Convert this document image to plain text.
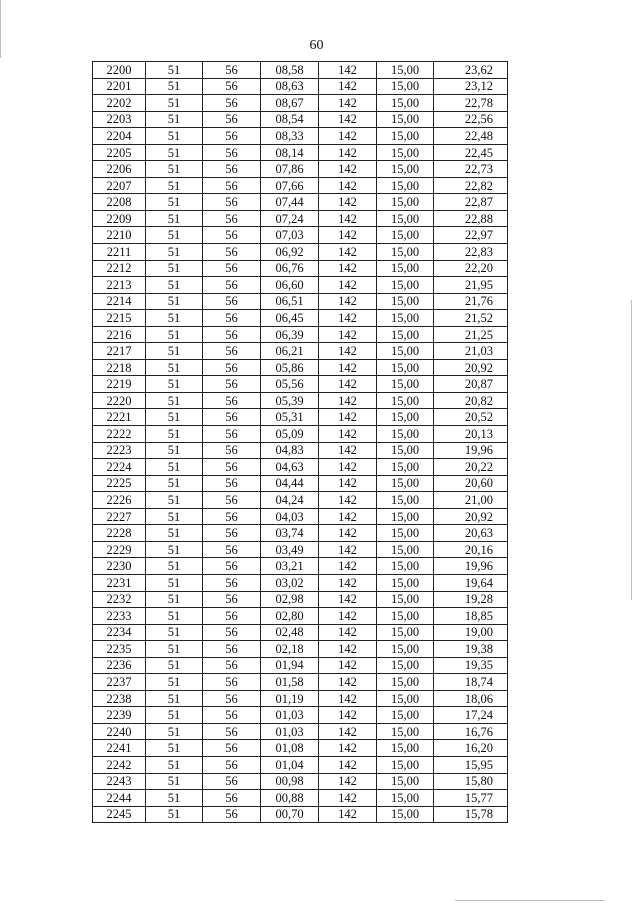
60
2200	51	56	08,58	142	15,00	23,62
2201	51	56	08,63	142	15,00	23,12
2202	51	56	08,67	142	15,00	22,78
2203	51	56	08,54	142	15,00	22,56
2204	51	56	08,33	142	15,00	22,48
2205	51	56	08,14	142	15,00	22,45
2206	51	56	07,86	142	15,00	22,73
2207	51	56	07,66	142	15,00	22,82
2208	51	56	07,44	142	15,00	22,87
2209	51	56	07,24	142	15,00	22,88
2210	51	56	07,03	142	15,00	22,97
2211	51	56	06,92	142	15,00	22,83
2212	51	56	06,76	142	15,00	22,20
2213	51	56	06,60	142	15,00	21,95
2214	51	56	06,51	142	15,00	21,76
2215	51	56	06,45	142	15,00	21,52
2216	51	56	06,39	142	15,00	21,25
2217	51	56	06,21	142	15,00	21,03
2218	51	56	05,86	142	15,00	20,92
2219	51	56	05,56	142	15,00	20,87
2220	51	56	05,39	142	15,00	20,82
2221	51	56	05,31	142	15,00	20,52
2222	51	56	05,09	142	15,00	20,13
2223	51	56	04,83	142	15,00	19,96
2224	51	56	04,63	142	15,00	20,22
2225	51	56	04,44	142	15,00	20,60
2226	51	56	04,24	142	15,00	21,00
2227	51	56	04,03	142	15,00	20,92
2228	51	56	03,74	142	15,00	20,63
2229	51	56	03,49	142	15,00	20,16
2230	51	56	03,21	142	15,00	19,96
2231	51	56	03,02	142	15,00	19,64
2232	51	56	02,98	142	15,00	19,28
2233	51	56	02,80	142	15,00	18,85
2234	51	56	02,48	142	15,00	19,00
2235	51	56	02,18	142	15,00	19,38
2236	51	56	01,94	142	15,00	19,35
2237	51	56	01,58	142	15,00	18,74
2238	51	56	01,19	142	15,00	18,06
2239	51	56	01,03	142	15,00	17,24
2240	51	56	01,03	142	15,00	16,76
2241	51	56	01,08	142	15,00	16,20
2242	51	56	01,04	142	15,00	15,95
2243	51	56	00,98	142	15,00	15,80
2244	51	56	00,88	142	15,00	15,77
2245	51	56	00,70	142	15,00	15,78
